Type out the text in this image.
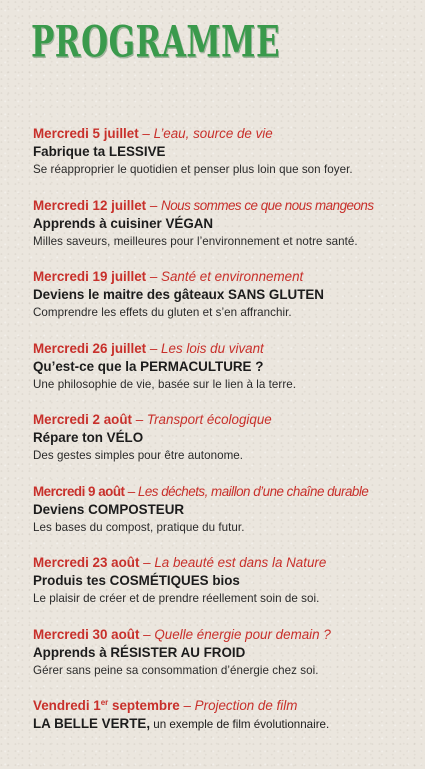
PROGRAMME
Mercredi 5 juillet – L’eau, source de vie
Fabrique ta LESSIVE
Se réapproprier le quotidien et penser plus loin que son foyer.
Mercredi 12 juillet – Nous sommes ce que nous mangeons
Apprends à cuisiner VÉGAN
Milles saveurs, meilleures pour l’environnement et notre santé.
Mercredi 19 juillet – Santé et environnement
Deviens le maitre des gâteaux SANS GLUTEN
Comprendre les effets du gluten et s’en affranchir.
Mercredi 26 juillet – Les lois du vivant
Qu’est-ce que la PERMACULTURE ?
Une philosophie de vie, basée sur le lien à la terre.
Mercredi 2 août – Transport écologique
Répare ton VÉLO
Des gestes simples pour être autonome.
Mercredi 9 août – Les déchets, maillon d’une chaîne durable
Deviens COMPOSTEUR
Les bases du compost, pratique du futur.
Mercredi 23 août – La beauté est dans la Nature
Produis tes COSMÉTIQUES bios
Le plaisir de créer et de prendre réellement soin de soi.
Mercredi 30 août – Quelle énergie pour demain ?
Apprends à RÉSISTER AU FROID
Gérer sans peine sa consommation d’énergie chez soi.
Vendredi 1er septembre – Projection de film
LA BELLE VERTE, un exemple de film évolutionnaire.
